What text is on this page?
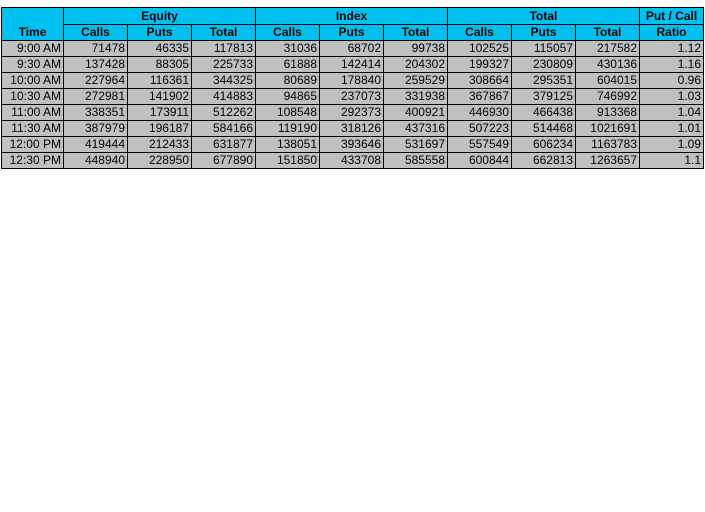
	Equity			Index			Total			Put / Call
Time	Calls	Puts	Total	Calls	Puts	Total	Calls	Puts	Total	Ratio
9:00 AM	71478	46335	117813	31036	68702	99738	102525	115057	217582	1.12
9:30 AM	137428	88305	225733	61888	142414	204302	199327	230809	430136	1.16
10:00 AM	227964	116361	344325	80689	178840	259529	308664	295351	604015	0.96
10:30 AM	272981	141902	414883	94865	237073	331938	367867	379125	746992	1.03
11:00 AM	338351	173911	512262	108548	292373	400921	446930	466438	913368	1.04
11:30 AM	387979	196187	584166	119190	318126	437316	507223	514468	1021691	1.01
12:00 PM	419444	212433	631877	138051	393646	531697	557549	606234	1163783	1.09
12:30 PM	448940	228950	677890	151850	433708	585558	600844	662813	1263657	1.1
